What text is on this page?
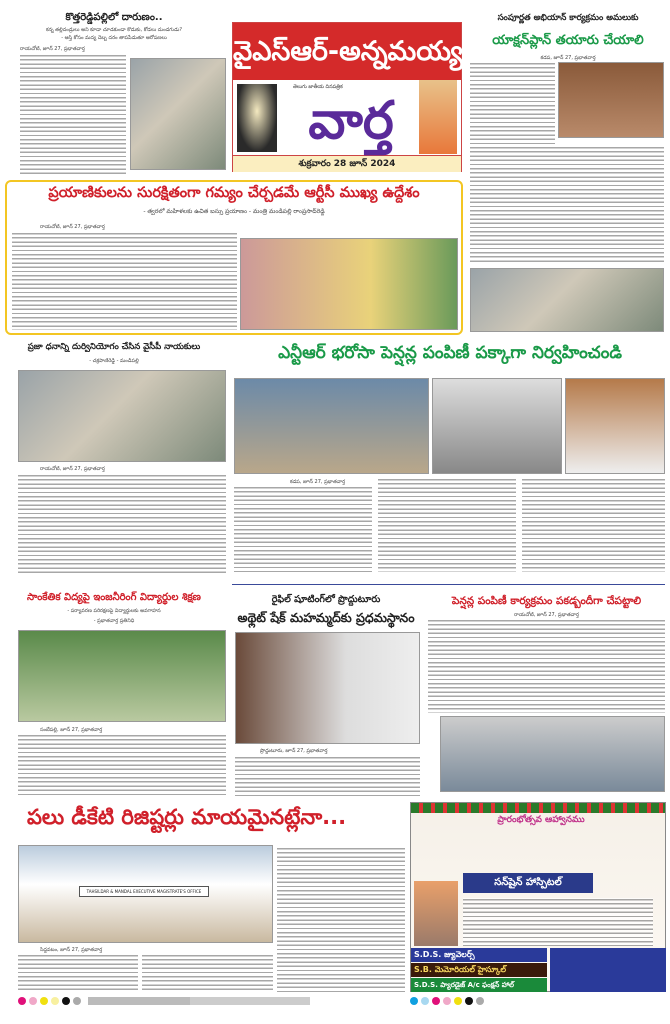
కొత్తరెడ్డిపల్లిలో దారుణం..
కన్న తల్లిదండ్రులు అని కూడా చూడకుండా కొడుకు, కోడలు దుండగుడు?
- ఆస్తి కోసం మద్య దెబ్బ దరం తాపపేడుతూ ఆరోపణలు
రాయచోటి, జూన్ 27, ప్రభాతవార్త	వైఎస్ఆర్-అన్నమయ్య
తెలుగు జాతీయ దినపత్రిక
వార్త
శుక్రవారం 28 జూన్ 2024
సంపూర్ణత అభియాన్ కార్యక్రమం అమలుకు
యాక్షన్‌ప్లాన్ తయారు చేయాలి
కడప, జూన్ 27, ప్రభాతవార్త
ప్రయాణికులను సురక్షితంగా గమ్యం చేర్చడమే ఆర్టీసీ ముఖ్య ఉద్దేశం
- త్వరలో మహిళలకు ఉచిత బస్సు ప్రయాణం - మంత్రి మండిపల్లి రాంప్రసాద్‌రెడ్డి
రాయచోటి, జూన్ 27, ప్రభాతవార్త
ప్రజా ధనాన్ని దుర్వినియోగం చేసిన వైసీపీ నాయకులు
- చక్రపాణిరెడ్డి - మండిపల్లి
రాయచోటి, జూన్ 27, ప్రభాతవార్త
ఎన్టీఆర్ భరోసా పెన్షన్ల పంపిణీ పక్కాగా నిర్వహించండి
కడప, జూన్ 27, ప్రభాతవార్త
సాంకేతిక విద్యపై ఇంజనీరింగ్ విద్యార్థుల శిక్షణ
- పర్యావరణ పరిరక్షణపై విద్యార్థులకు అవగాహన
- ప్రభాతవార్త ప్రతినిధి
సంబేపల్లి, జూన్ 27, ప్రభాతవార్త
రైఫిల్ షూటింగ్‌లో ప్రొద్దుటూరు
అథ్లెట్ షేక్ మహమ్మద్‌కు ప్రధమస్థానం
ప్రొద్దుటూరు, జూన్ 27, ప్రభాతవార్త
పెన్షన్ల పంపిణీ కార్యక్రమం పకడ్బందీగా చేపట్టాలి
రాయచోటి, జూన్ 27, ప్రభాతవార్త
పలు డీకేటి రిజిష్టర్లు మాయమైనట్లేనా...
TAHSILDAR & MANDAL EXECUTIVE MAGISTRATE'S OFFICE
సిద్దవటం, జూన్ 27, ప్రభాతవార్త
ప్రారంభోత్సవ ఆహ్వానము
సన్‌షైన్ హాస్పిటల్
S.D.S. జ్యువెలర్స్
S.B. మెమోరియల్ హైస్కూల్
S.D.S. ప్యారడైజ్ A/c ఫంక్షన్ హాల్
